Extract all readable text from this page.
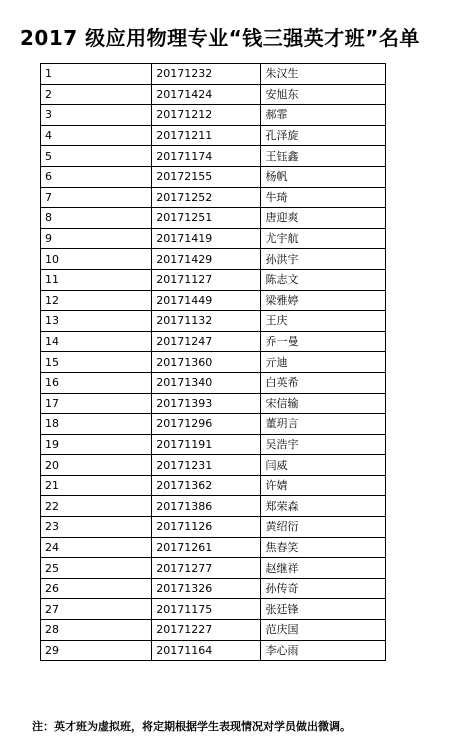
2017 级应用物理专业“钱三强英才班”名单
1	20171232	朱汉生
2	20171424	安旭东
3	20171212	郝霏
4	20171211	孔泽旋
5	20171174	王钰鑫
6	20172155	杨帆
7	20171252	牛琦
8	20171251	唐迎爽
9	20171419	尤宇航
10	20171429	孙洪宇
11	20171127	陈志文
12	20171449	梁雅婷
13	20171132	王庆
14	20171247	乔一曼
15	20171360	亓迪
16	20171340	白英希
17	20171393	宋信输
18	20171296	董玥言
19	20171191	吴浩宇
20	20171231	闫威
21	20171362	许婧
22	20171386	郑荣森
23	20171126	黄绍衍
24	20171261	焦春笑
25	20171277	赵继祥
26	20171326	孙传奇
27	20171175	张廷锋
28	20171227	范庆国
29	20171164	李心雨
注：英才班为虚拟班，将定期根据学生表现情况对学员做出微调。
